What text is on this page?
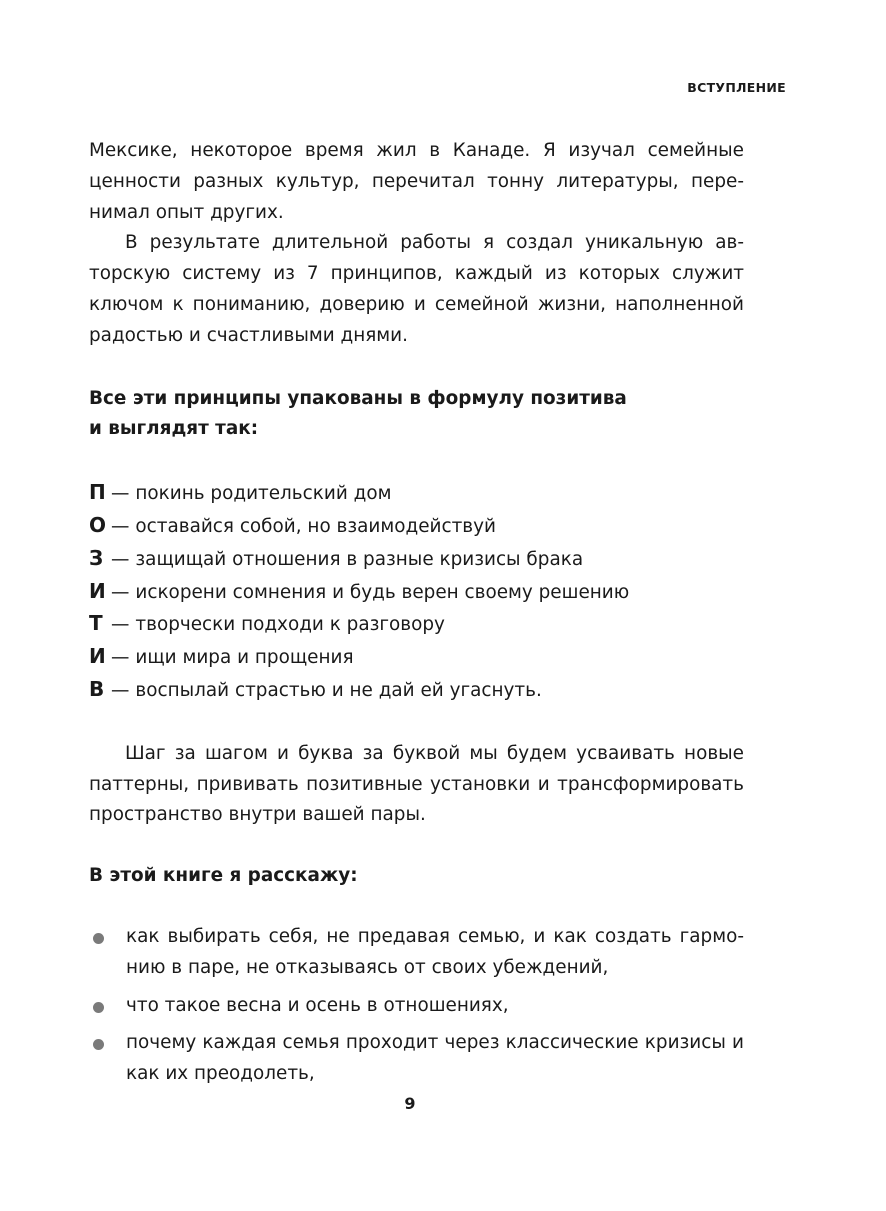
ВСТУПЛЕНИЕ

Мексике, некоторое время жил в Канаде. Я изучал семейные ценности разных культур, перечитал тонну литературы, перенимал опыт других.

В результате длительной работы я создал уникальную авторскую систему из 7 принципов, каждый из которых служит ключом к пониманию, доверию и семейной жизни, наполненной радостью и счастливыми днями.

Все эти принципы упакованы в формулу позитива
и выглядят так:

П — покинь родительский дом
О — оставайся собой, но взаимодействуй
З — защищай отношения в разные кризисы брака
И — искорени сомнения и будь верен своему решению
Т — творчески подходи к разговору
И — ищи мира и прощения
В — воспылай страстью и не дай ей угаснуть.

Шаг за шагом и буква за буквой мы будем усваивать новые паттерны, прививать позитивные установки и трансформировать пространство внутри вашей пары.

В этой книге я расскажу:

как выбирать себя, не предавая семью, и как создать гармонию в паре, не отказываясь от своих убеждений,
что такое весна и осень в отношениях,
почему каждая семья проходит через классические кризисы и как их преодолеть,
9
